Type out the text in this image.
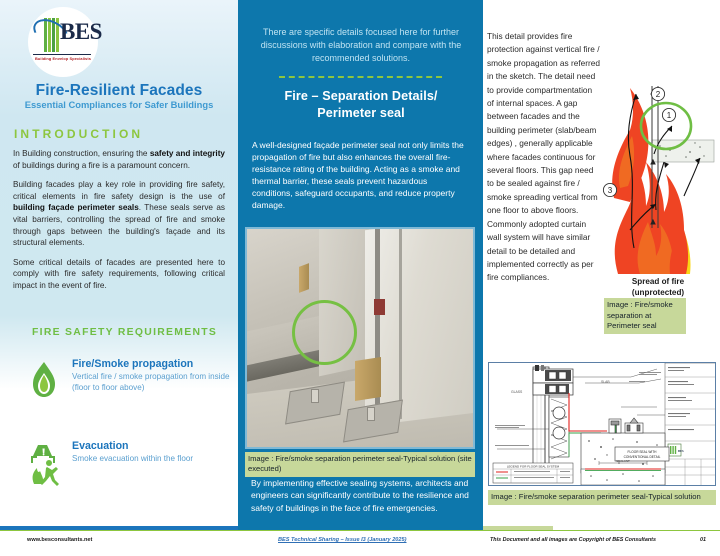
BES
Building Envelop Specialists
Fire-Resilient Facades
Essential Compliances for Safer Buildings
INTRODUCTION

In Building construction, ensuring the safety and integrity of buildings during a fire is a paramount concern.

Building facades play a key role in providing fire safety, critical elements in fire safety design is the use of building façade perimeter seals. These seals serve as vital barriers, controlling the spread of fire and smoke through gaps between the building's façade and its structural elements.

Some critical details of facades are presented here to comply with fire safety requirements, following critical impact in the event of fire.

FIRE SAFETY REQUIREMENTS
Fire/Smoke propagation
Vertical fire / smoke propagation from inside (floor to floor above)
Evacuation
Smoke evacuation within the floor
There are specific details focused here for further discussions with elaboration and compare with the recommended solutions.
Fire – Separation Details/ Perimeter seal
A well-designed façade perimeter seal not only limits the propagation of fire but also enhances the overall fire-resistance rating of the building. Acting as a smoke and thermal barrier, these seals prevent hazardous conditions, safeguard occupants, and reduce property damage.
Image : Fire/smoke separation perimeter seal-Typical solution (site executed)
By implementing effective sealing systems, architects and engineers can significantly contribute to the resilience and safety of buildings in the face of fire emergencies.
This detail provides fire protection against vertical fire / smoke propagation as referred in the sketch. The detail need to provide compartmentation of internal spaces. A gap between facades and the building perimeter (slab/beam edges) , generally applicable where facades continuous for several floors. This gap need to be sealed against fire / smoke spreading vertical from one floor to above floors. Commonly adopted curtain wall system will have similar detail to be detailed and implemented correctly as per fire compliances.
1
2
3
Spread of fire
(unprotected)
Image : Fire/smoke separation at Perimeter seal
BES
FLOOR SEAL WITH
CONVENTIONAL DETAIL
SEALANT
LEGEND FOR FLOOR SEAL SYSTEM
GLASS
SLAB
Image : Fire/smoke separation perimeter seal-Typical solution
www.besconsultants.net	BES Technical Sharing – Issue I3 (January 2025)	This Document and all images are Copyright of BES Consultants	01
